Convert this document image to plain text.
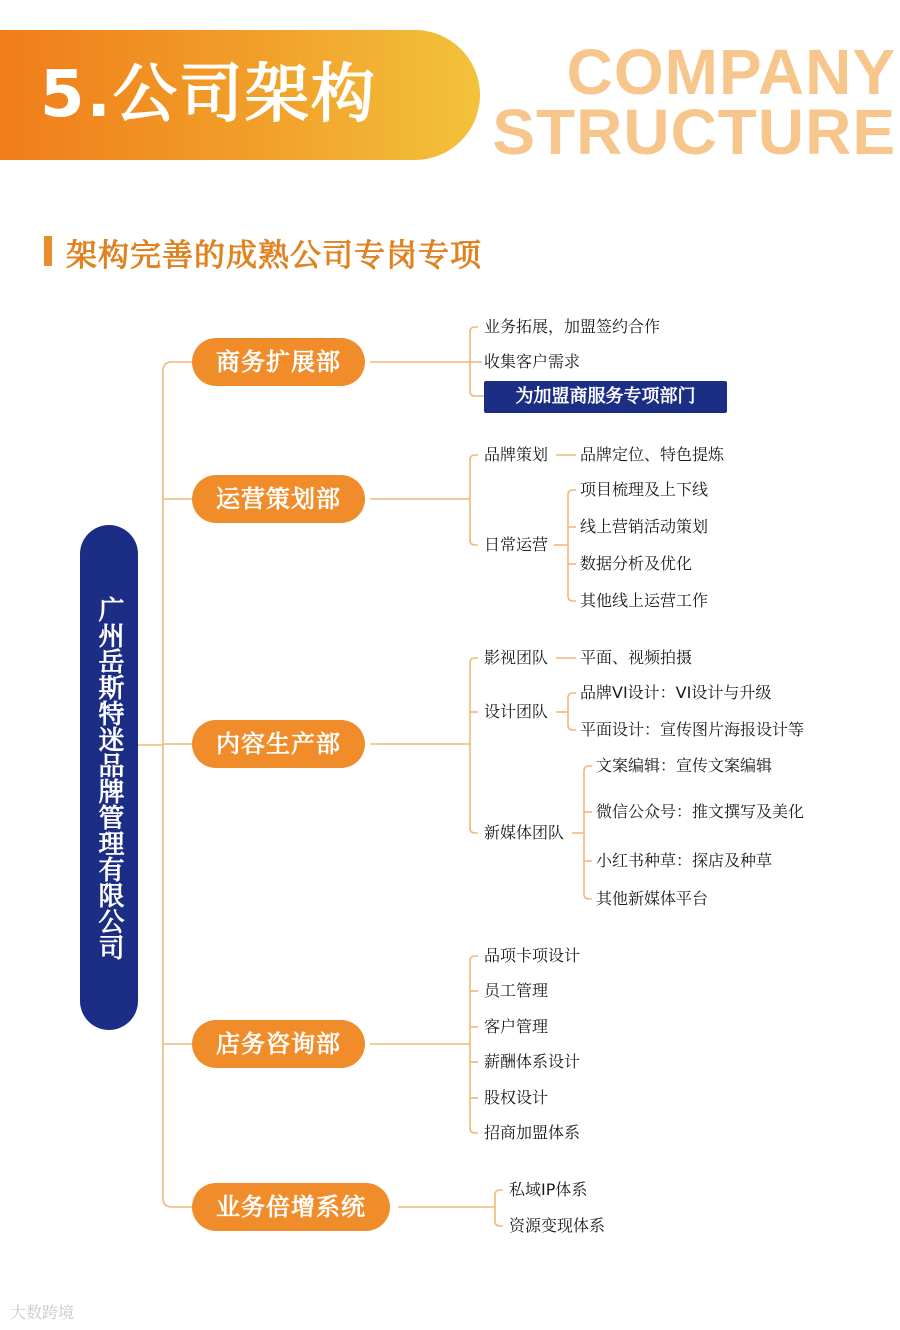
5.公司架构	COMPANY
STRUCTURE
架构完善的成熟公司专岗专项
广州岳斯特迷品牌管理有限公司
商务扩展部
运营策划部
内容生产部
店务咨询部
业务倍增系统
业务拓展，加盟签约合作
收集客户需求
为加盟商服务专项部门
品牌策划 品牌定位、特色提炼
日常运营
项目梳理及上下线
线上营销活动策划
数据分析及优化
其他线上运营工作
影视团队 平面、视频拍摄
设计团队
品牌VI设计：VI设计与升级
平面设计：宣传图片海报设计等
新媒体团队
文案编辑：宣传文案编辑
微信公众号：推文撰写及美化
小红书种草：探店及种草
其他新媒体平台
品项卡项设计
员工管理
客户管理
薪酬体系设计
股权设计
招商加盟体系
私域IP体系
资源变现体系
大数跨境
